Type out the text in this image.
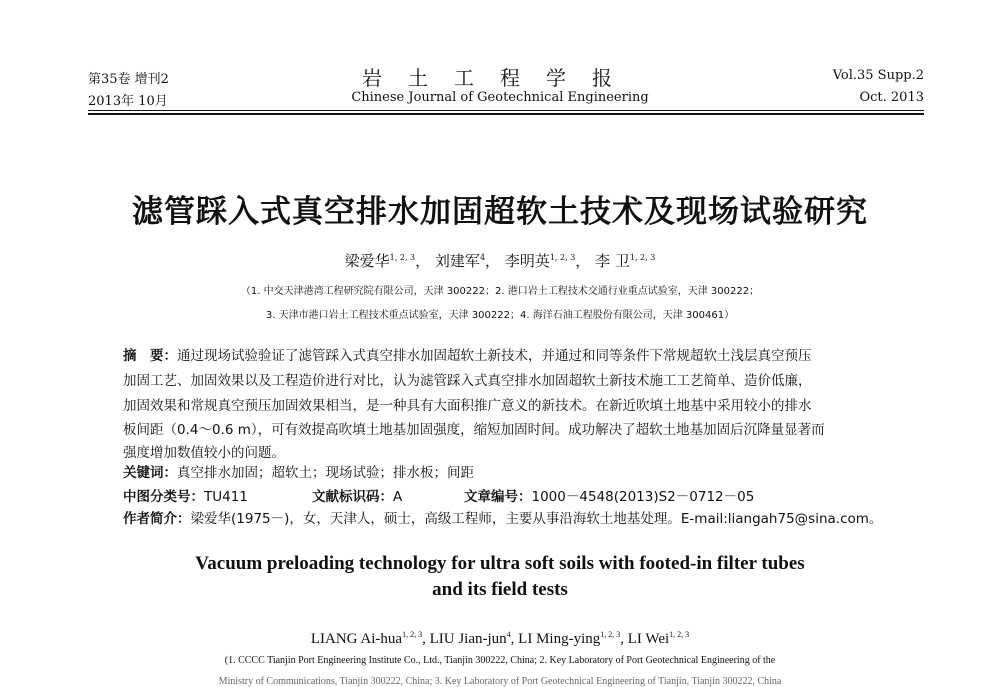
第35卷 增刊2
2013年 10月
岩土工程学报
Chinese Journal of Geotechnical Engineering
Vol.35 Supp.2
Oct. 2013
滤管踩入式真空排水加固超软土技术及现场试验研究
梁爱华$^{1, 2, 3}$， 刘建军$^4$， 李明英$^{1, 2, 3}$， 李 卫$^{1, 2, 3}$
（1. 中交天津港湾工程研究院有限公司，天津 300222；2. 港口岩土工程技术交通行业重点试验室，天津 300222；
3. 天津市港口岩土工程技术重点试验室，天津 300222；4. 海洋石油工程股份有限公司，天津 300461）
摘　要：通过现场试验验证了滤管踩入式真空排水加固超软土新技术，并通过和同等条件下常规超软土浅层真空预压
加固工艺、加固效果以及工程造价进行对比，认为滤管踩入式真空排水加固超软土新技术施工工艺简单、造价低廉，
加固效果和常规真空预压加固效果相当，是一种具有大面积推广意义的新技术。在新近吹填土地基中采用较小的排水
板间距（0.4～0.6 m），可有效提高吹填土地基加固强度，缩短加固时间。成功解决了超软土地基加固后沉降量显著而
强度增加数值较小的问题。
关键词：真空排水加固；超软土；现场试验；排水板；间距
中图分类号：TU411	文献标识码：A	文章编号：1000－4548(2013)S2－0712－05
作者简介：梁爱华(1975－)，女，天津人，硕士，高级工程师，主要从事沿海软土地基处理。E-mail:liangah75@sina.com。
Vacuum preloading technology for ultra soft soils with footed-in filter tubes
and its field tests
LIANG Ai-hua$^{1, 2, 3}$, LIU Jian-jun$^4$, LI Ming-ying$^{1, 2, 3}$, LI Wei$^{1, 2, 3}$
(1. CCCC Tianjin Port Engineering Institute Co., Ltd., Tianjin 300222, China; 2. Key Laboratory of Port Geotechnical Engineering of the
Ministry of Communications, Tianjin 300222, China; 3. Key Laboratory of Port Geotechnical Engineering of Tianjin, Tianjin 300222, China
